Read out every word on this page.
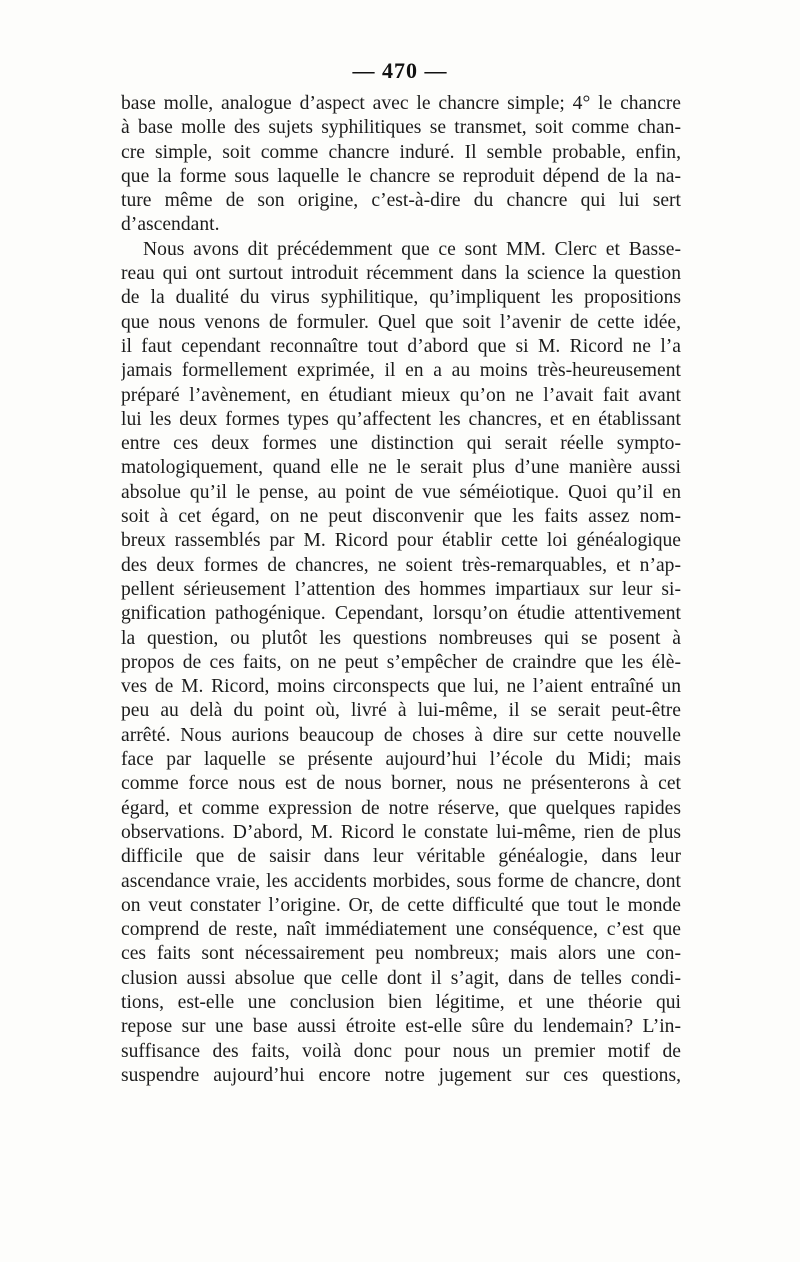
— 470 —
base molle, analogue d’aspect avec le chancre simple; 4° le chancre
à base molle des sujets syphilitiques se transmet, soit comme chan-
cre simple, soit comme chancre induré. Il semble probable, enfin,
que la forme sous laquelle le chancre se reproduit dépend de la na-
ture même de son origine, c’est-à-dire du chancre qui lui sert
d’ascendant.
Nous avons dit précédemment que ce sont MM. Clerc et Basse-
reau qui ont surtout introduit récemment dans la science la question
de la dualité du virus syphilitique, qu’impliquent les propositions
que nous venons de formuler. Quel que soit l’avenir de cette idée,
il faut cependant reconnaître tout d’abord que si M. Ricord ne l’a
jamais formellement exprimée, il en a au moins très-heureusement
préparé l’avènement, en étudiant mieux qu’on ne l’avait fait avant
lui les deux formes types qu’affectent les chancres, et en établissant
entre ces deux formes une distinction qui serait réelle sympto-
matologiquement, quand elle ne le serait plus d’une manière aussi
absolue qu’il le pense, au point de vue séméiotique. Quoi qu’il en
soit à cet égard, on ne peut disconvenir que les faits assez nom-
breux rassemblés par M. Ricord pour établir cette loi généalogique
des deux formes de chancres, ne soient très-remarquables, et n’ap-
pellent sérieusement l’attention des hommes impartiaux sur leur si-
gnification pathogénique. Cependant, lorsqu’on étudie attentivement
la question, ou plutôt les questions nombreuses qui se posent à
propos de ces faits, on ne peut s’empêcher de craindre que les élè-
ves de M. Ricord, moins circonspects que lui, ne l’aient entraîné un
peu au delà du point où, livré à lui-même, il se serait peut-être
arrêté. Nous aurions beaucoup de choses à dire sur cette nouvelle
face par laquelle se présente aujourd’hui l’école du Midi; mais
comme force nous est de nous borner, nous ne présenterons à cet
égard, et comme expression de notre réserve, que quelques rapides
observations. D’abord, M. Ricord le constate lui-même, rien de plus
difficile que de saisir dans leur véritable généalogie, dans leur
ascendance vraie, les accidents morbides, sous forme de chancre, dont
on veut constater l’origine. Or, de cette difficulté que tout le monde
comprend de reste, naît immédiatement une conséquence, c’est que
ces faits sont nécessairement peu nombreux; mais alors une con-
clusion aussi absolue que celle dont il s’agit, dans de telles condi-
tions, est-elle une conclusion bien légitime, et une théorie qui
repose sur une base aussi étroite est-elle sûre du lendemain? L’in-
suffisance des faits, voilà donc pour nous un premier motif de
suspendre aujourd’hui encore notre jugement sur ces questions,
